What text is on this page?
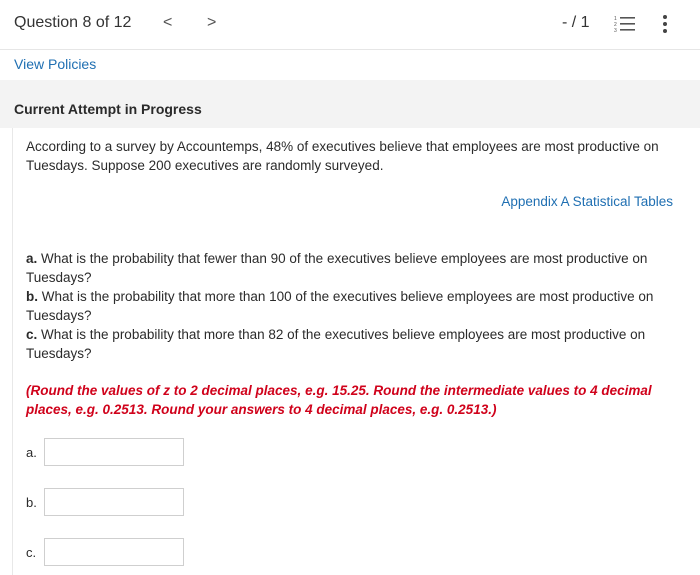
Question 8 of 12 < >	- / 1	1
2
3
View Policies
Current Attempt in Progress
According to a survey by Accountemps, 48% of executives believe that employees are most productive on Tuesdays. Suppose 200 executives are randomly surveyed.
Appendix A Statistical Tables
a. What is the probability that fewer than 90 of the executives believe employees are most productive on Tuesdays?
b. What is the probability that more than 100 of the executives believe employees are most productive on Tuesdays?
c. What is the probability that more than 82 of the executives believe employees are most productive on Tuesdays?
(Round the values of z to 2 decimal places, e.g. 15.25. Round the intermediate values to 4 decimal places, e.g. 0.2513. Round your answers to 4 decimal places, e.g. 0.2513.)
a.
b.
c.
